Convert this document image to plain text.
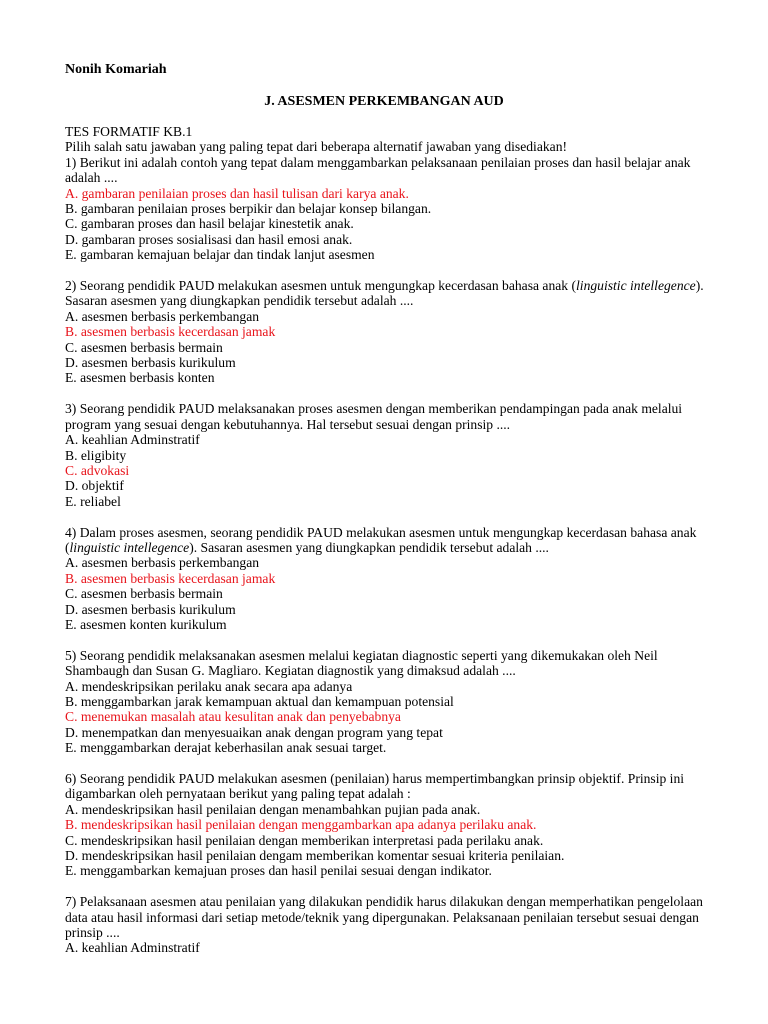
Nonih Komariah
J. ASESMEN PERKEMBANGAN AUD

TES FORMATIF KB.1

Pilih salah satu jawaban yang paling tepat dari beberapa alternatif jawaban yang disediakan!

1) Berikut ini adalah contoh yang tepat dalam menggambarkan pelaksanaan penilaian proses dan hasil belajar anak adalah ....

A. gambaran penilaian proses dan hasil tulisan dari karya anak.

B. gambaran penilaian proses berpikir dan belajar konsep bilangan.

C. gambaran proses dan hasil belajar kinestetik anak.

D. gambaran proses sosialisasi dan hasil emosi anak.

E. gambaran kemajuan belajar dan tindak lanjut asesmen

2) Seorang pendidik PAUD melakukan asesmen untuk mengungkap kecerdasan bahasa anak (linguistic intellegence). Sasaran asesmen yang diungkapkan pendidik tersebut adalah ....

A. asesmen berbasis perkembangan

B. asesmen berbasis kecerdasan jamak

C. asesmen berbasis bermain

D. asesmen berbasis kurikulum

E. asesmen berbasis konten

3) Seorang pendidik PAUD melaksanakan proses asesmen dengan memberikan pendampingan pada anak melalui program yang sesuai dengan kebutuhannya. Hal tersebut sesuai dengan prinsip ....

A. keahlian Adminstratif

B. eligibity

C. advokasi

D. objektif

E. reliabel

4) Dalam proses asesmen, seorang pendidik PAUD melakukan asesmen untuk mengungkap kecerdasan bahasa anak (linguistic intellegence). Sasaran asesmen yang diungkapkan pendidik tersebut adalah ....

A. asesmen berbasis perkembangan

B. asesmen berbasis kecerdasan jamak

C. asesmen berbasis bermain

D. asesmen berbasis kurikulum

E. asesmen konten kurikulum

5) Seorang pendidik melaksanakan asesmen melalui kegiatan diagnostic seperti yang dikemukakan oleh Neil Shambaugh dan Susan G. Magliaro. Kegiatan diagnostik yang dimaksud adalah ....

A. mendeskripsikan perilaku anak secara apa adanya

B. menggambarkan jarak kemampuan aktual dan kemampuan potensial

C. menemukan masalah atau kesulitan anak dan penyebabnya

D. menempatkan dan menyesuaikan anak dengan program yang tepat

E. menggambarkan derajat keberhasilan anak sesuai target.

6) Seorang pendidik PAUD melakukan asesmen (penilaian) harus mempertimbangkan prinsip objektif. Prinsip ini digambarkan oleh pernyataan berikut yang paling tepat adalah :

A. mendeskripsikan hasil penilaian dengan menambahkan pujian pada anak.

B. mendeskripsikan hasil penilaian dengan menggambarkan apa adanya perilaku anak.

C. mendeskripsikan hasil penilaian dengan memberikan interpretasi pada perilaku anak.

D. mendeskripsikan hasil penilaian dengam memberikan komentar sesuai kriteria penilaian.

E. menggambarkan kemajuan proses dan hasil penilai sesuai dengan indikator.

7) Pelaksanaan asesmen atau penilaian yang dilakukan pendidik harus dilakukan dengan memperhatikan pengelolaan data atau hasil informasi dari setiap metode/teknik yang dipergunakan. Pelaksanaan penilaian tersebut sesuai dengan prinsip ....

A. keahlian Adminstratif
